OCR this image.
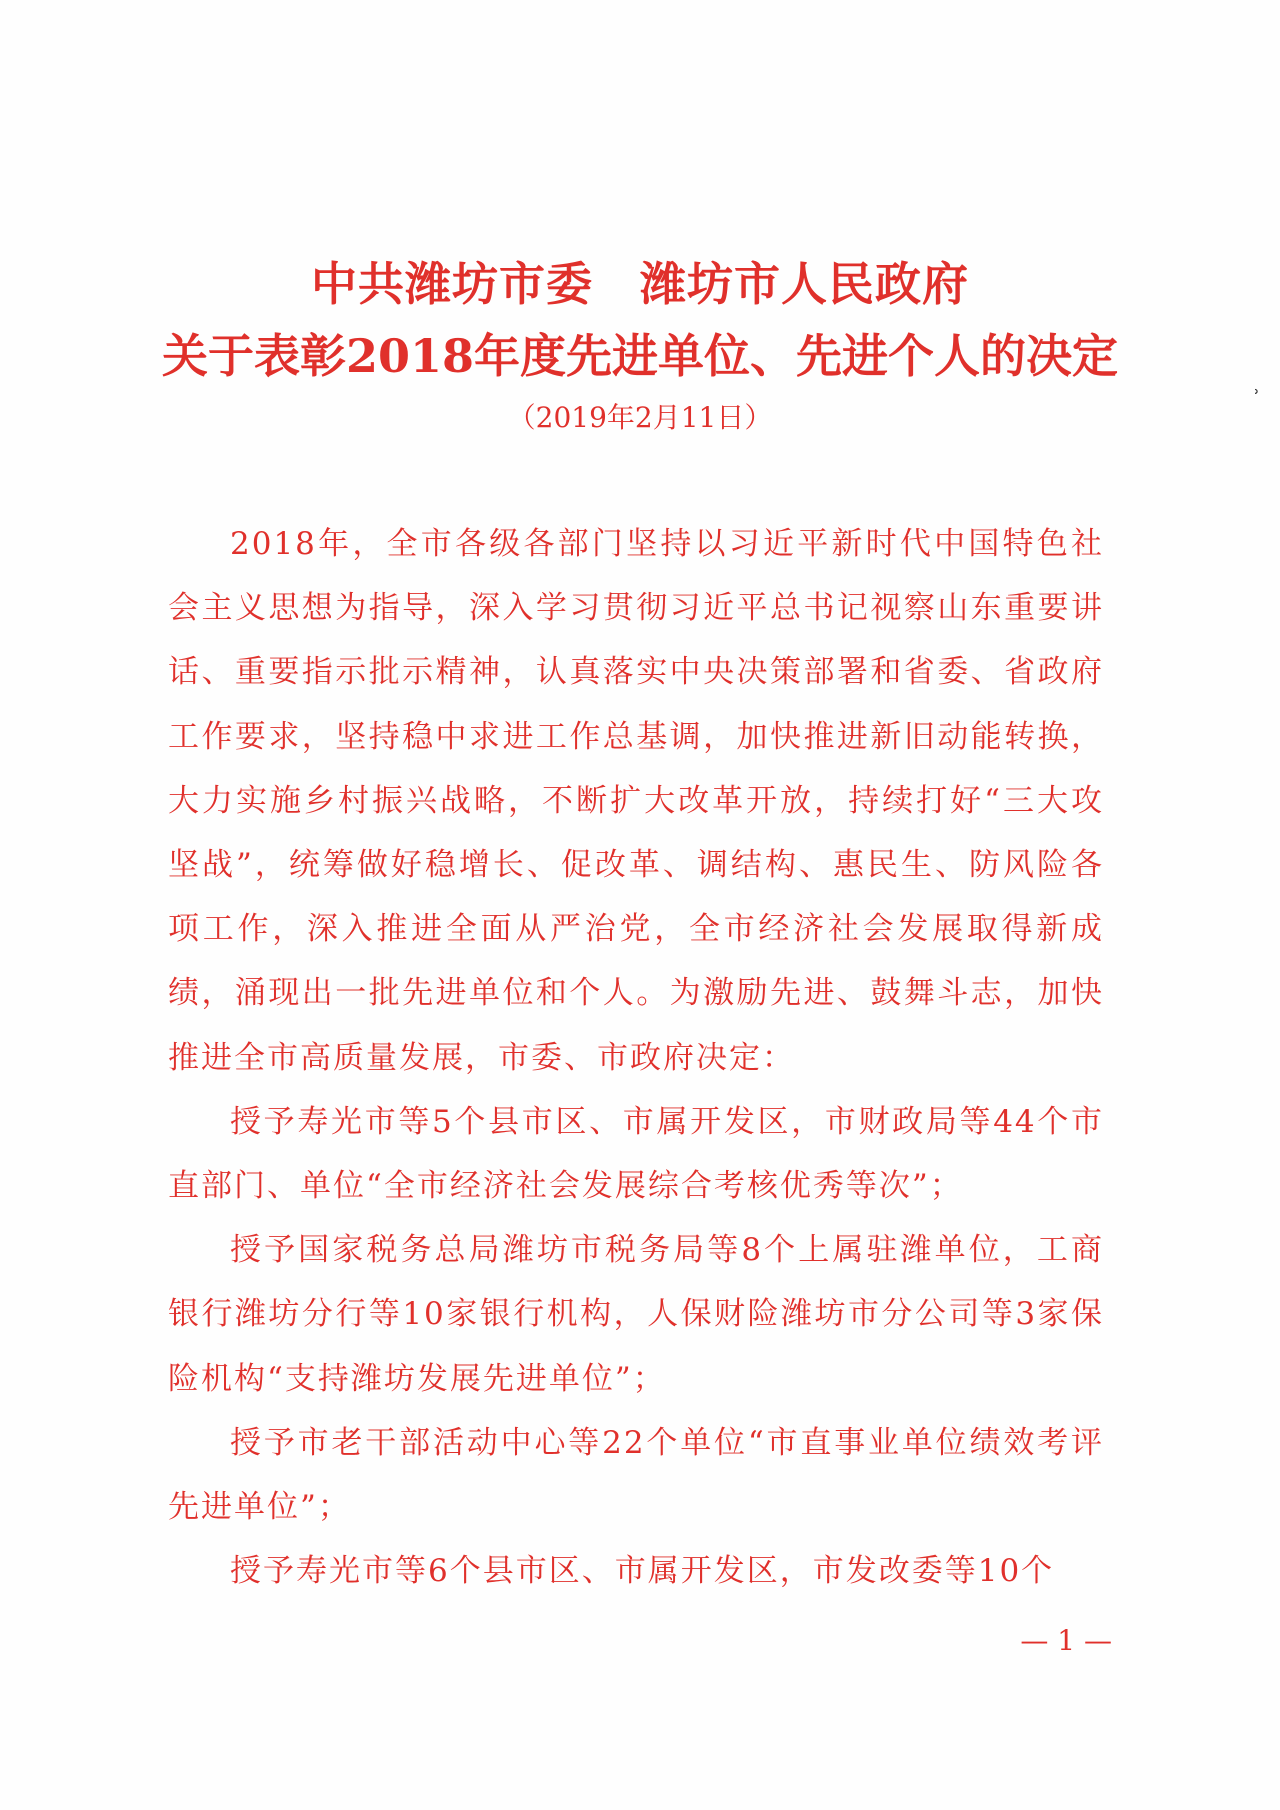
中共潍坊市委　潍坊市人民政府
关于表彰2018年度先进单位、先进个人的决定
（2019年2月11日）

2018年，全市各级各部门坚持以习近平新时代中国特色社会主义思想为指导，深入学习贯彻习近平总书记视察山东重要讲话、重要指示批示精神，认真落实中央决策部署和省委、省政府工作要求，坚持稳中求进工作总基调，加快推进新旧动能转换，大力实施乡村振兴战略，不断扩大改革开放，持续打好“三大攻坚战”，统筹做好稳增长、促改革、调结构、惠民生、防风险各项工作，深入推进全面从严治党，全市经济社会发展取得新成绩，涌现出一批先进单位和个人。为激励先进、鼓舞斗志，加快推进全市高质量发展，市委、市政府决定：

授予寿光市等5个县市区、市属开发区，市财政局等44个市直部门、单位“全市经济社会发展综合考核优秀等次”；

授予国家税务总局潍坊市税务局等8个上属驻潍单位，工商银行潍坊分行等10家银行机构，人保财险潍坊市分公司等3家保险机构“支持潍坊发展先进单位”；

授予市老干部活动中心等22个单位“市直事业单位绩效考评先进单位”；

授予寿光市等6个县市区、市属开发区，市发改委等10个

— 1 —
˒
